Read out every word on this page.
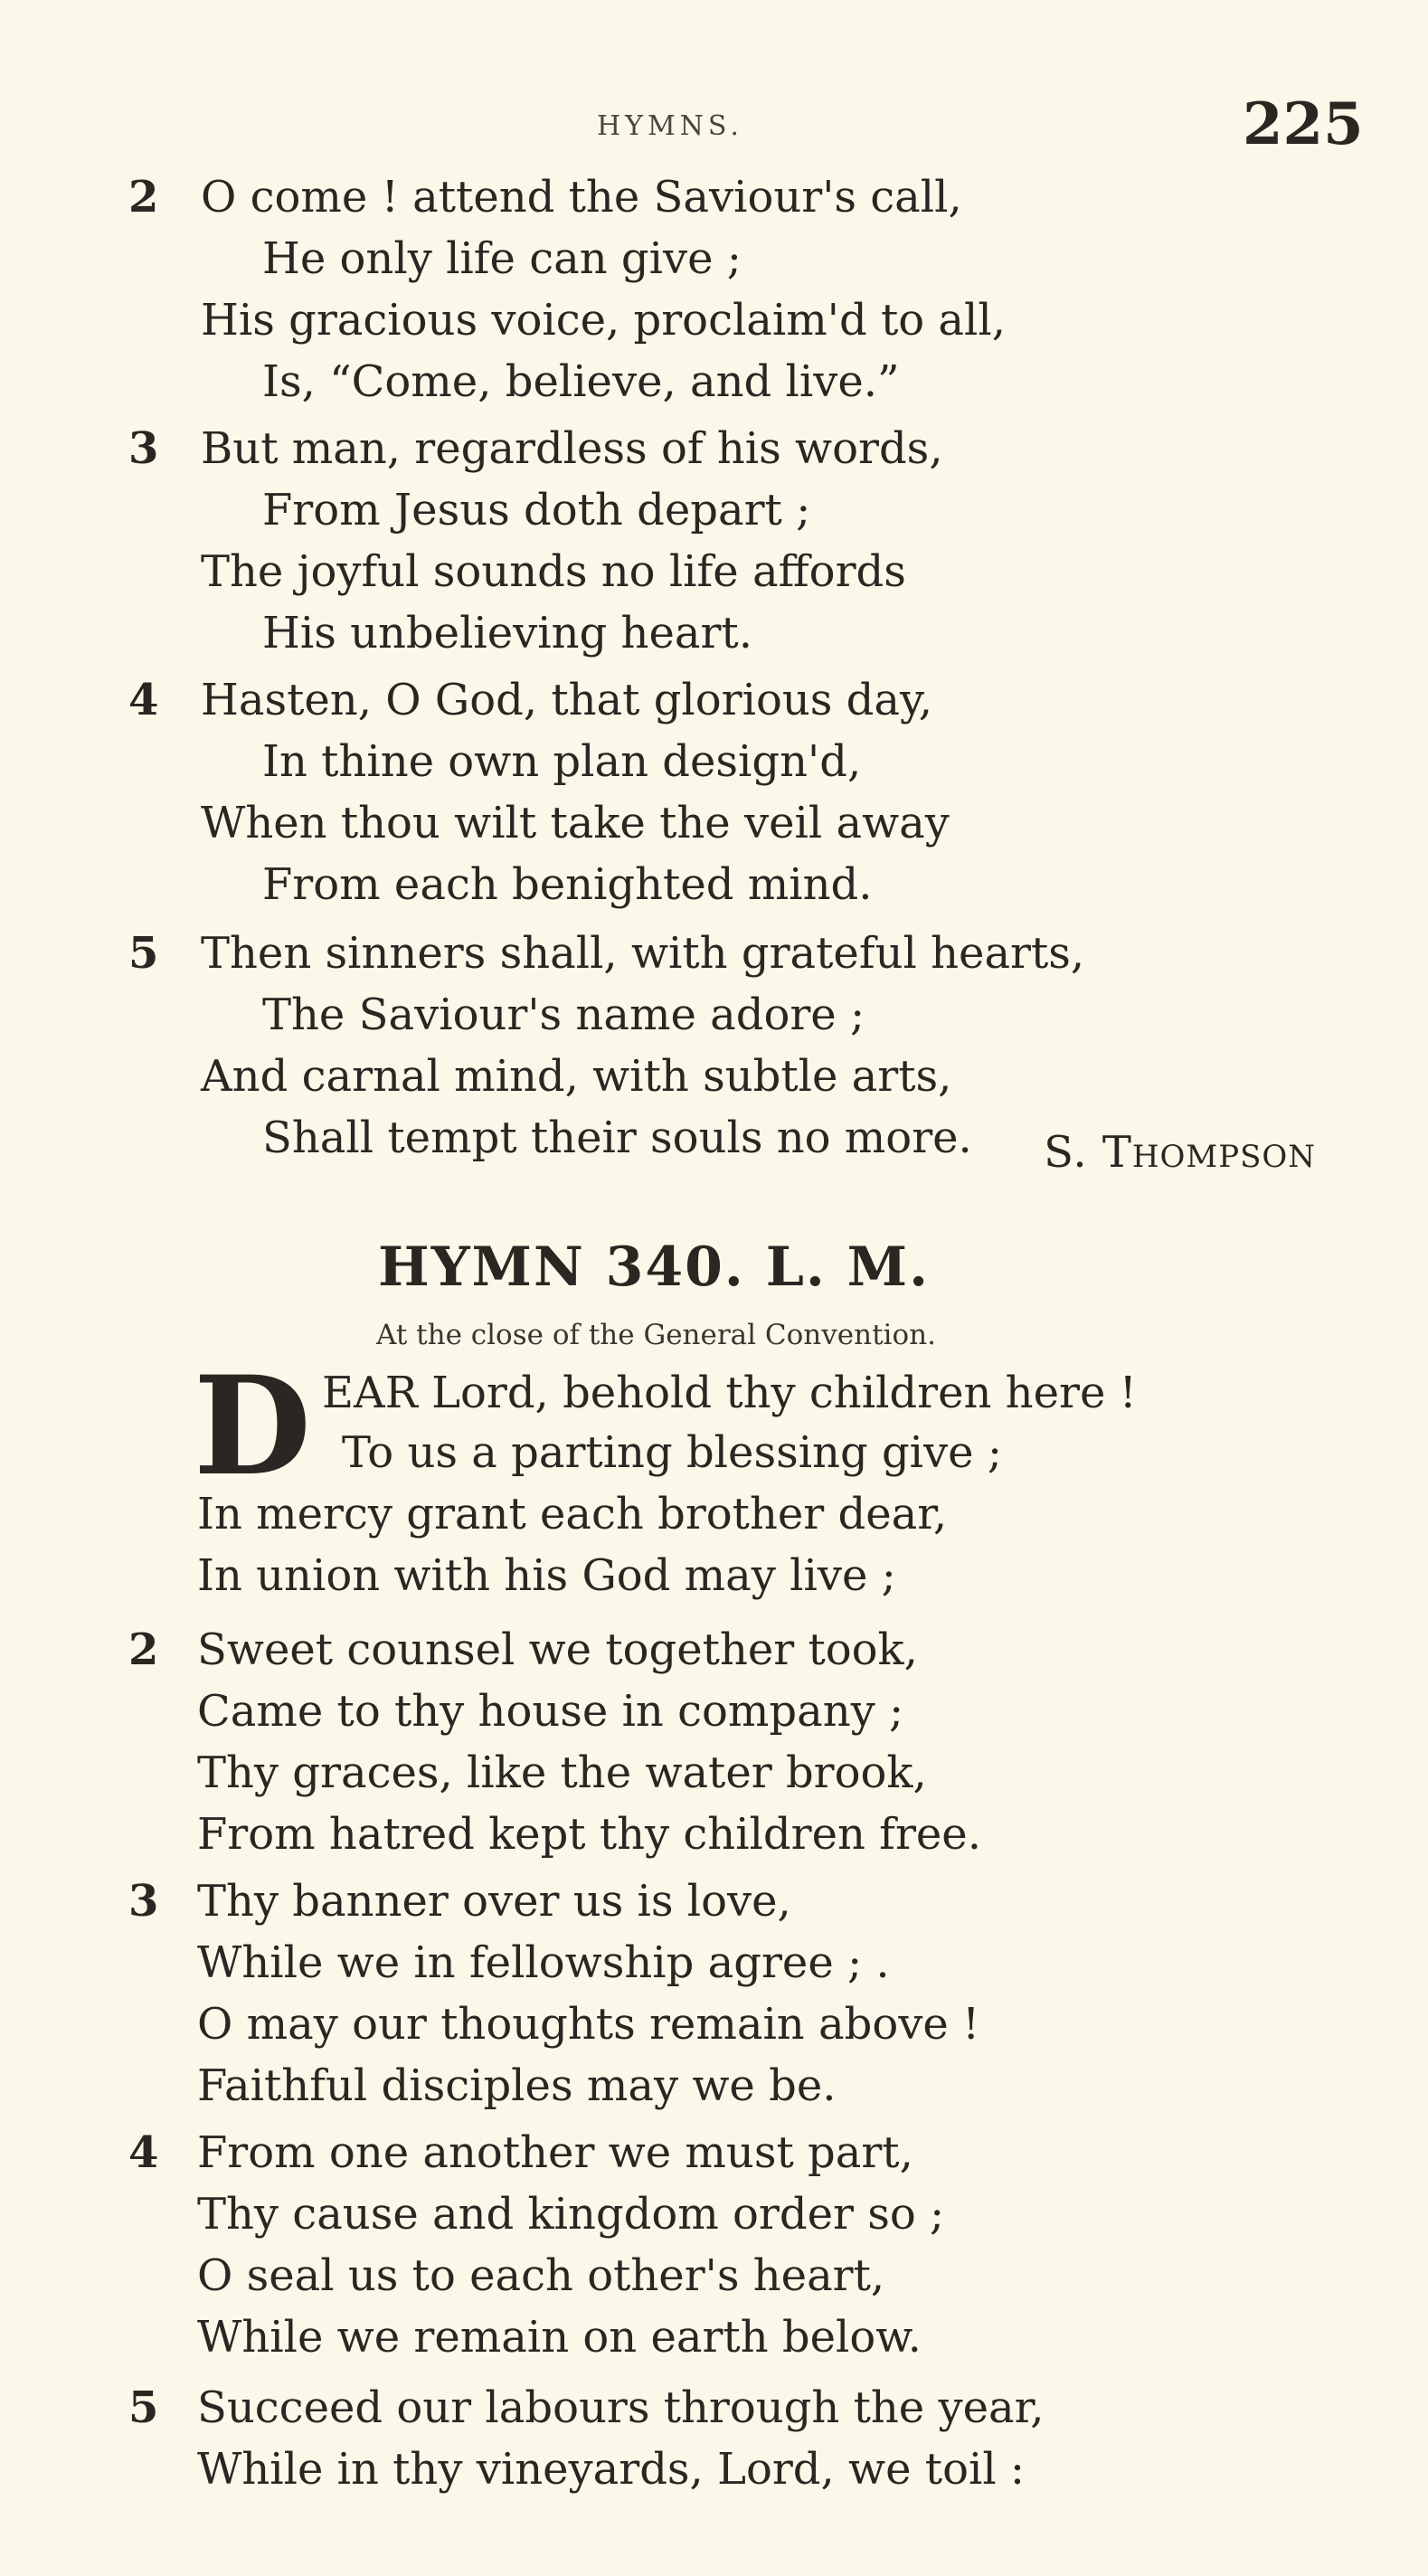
HYMNS.	225
2 O come ! attend the Saviour's call,
He only life can give ;
His gracious voice, proclaim'd to all,
Is, “Come, believe, and live.”
3 But man, regardless of his words,
From Jesus doth depart ;
The joyful sounds no life affords
His unbelieving heart.
4 Hasten, O God, that glorious day,
In thine own plan design'd,
When thou wilt take the veil away
From each benighted mind.
5 Then sinners shall, with grateful hearts,
The Saviour's name adore ;
And carnal mind, with subtle arts,
Shall tempt their souls no more. S. Thompson
HYMN 340. L. M.
At the close of the General Convention.
D EAR Lord, behold thy children here !
To us a parting blessing give ;
In mercy grant each brother dear,
In union with his God may live ;
2 Sweet counsel we together took,
Came to thy house in company ;
Thy graces, like the water brook,
From hatred kept thy children free.
3 Thy banner over us is love,
While we in fellowship agree ; .
O may our thoughts remain above !
Faithful disciples may we be.
4 From one another we must part,
Thy cause and kingdom order so ;
O seal us to each other's heart,
While we remain on earth below.
5 Succeed our labours through the year,
While in thy vineyards, Lord, we toil :
